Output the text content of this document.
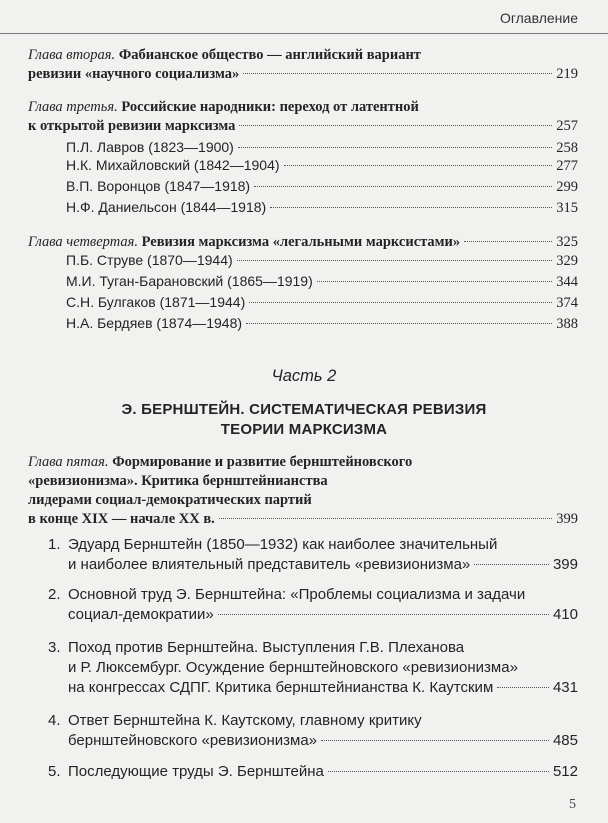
Оглавление
Глава вторая. Фабианское общество — английский вариант
ревизии «научного социализма»	219
Глава третья. Российские народники: переход от латентной
к открытой ревизии марксизма	257
П.Л. Лавров (1823—1900)	258
Н.К. Михайловский (1842—1904)	277
В.П. Воронцов (1847—1918)	299
Н.Ф. Даниельсон (1844—1918)	315
Глава четвертая. Ревизия марксизма «легальными марксистами»	325
П.Б. Струве (1870—1944)	329
М.И. Туган-Барановский (1865—1919)	344
С.Н. Булгаков (1871—1944)	374
Н.А. Бердяев (1874—1948)	388
Часть 2
Э. БЕРНШТЕЙН. СИСТЕМАТИЧЕСКАЯ РЕВИЗИЯ
ТЕОРИИ МАРКСИЗМА
Глава пятая. Формирование и развитие бернштейновского
«ревизионизма». Критика бернштейнианства
лидерами социал-демократических партий
в конце XIX — начале XX в.	399
1. Эдуард Бернштейн (1850—1932) как наиболее значительный
и наиболее влиятельный представитель «ревизионизма»	399
2. Основной труд Э. Бернштейна: «Проблемы социализма и задачи
социал-демократии»	410
3. Поход против Бернштейна. Выступления Г.В. Плеханова
и Р. Люксембург. Осуждение бернштейновского «ревизионизма»
на конгрессах СДПГ. Критика бернштейнианства К. Каутским	431
4. Ответ Бернштейна К. Каутскому, главному критику
бернштейновского «ревизионизма»	485
5. Последующие труды Э. Бернштейна	512
5
